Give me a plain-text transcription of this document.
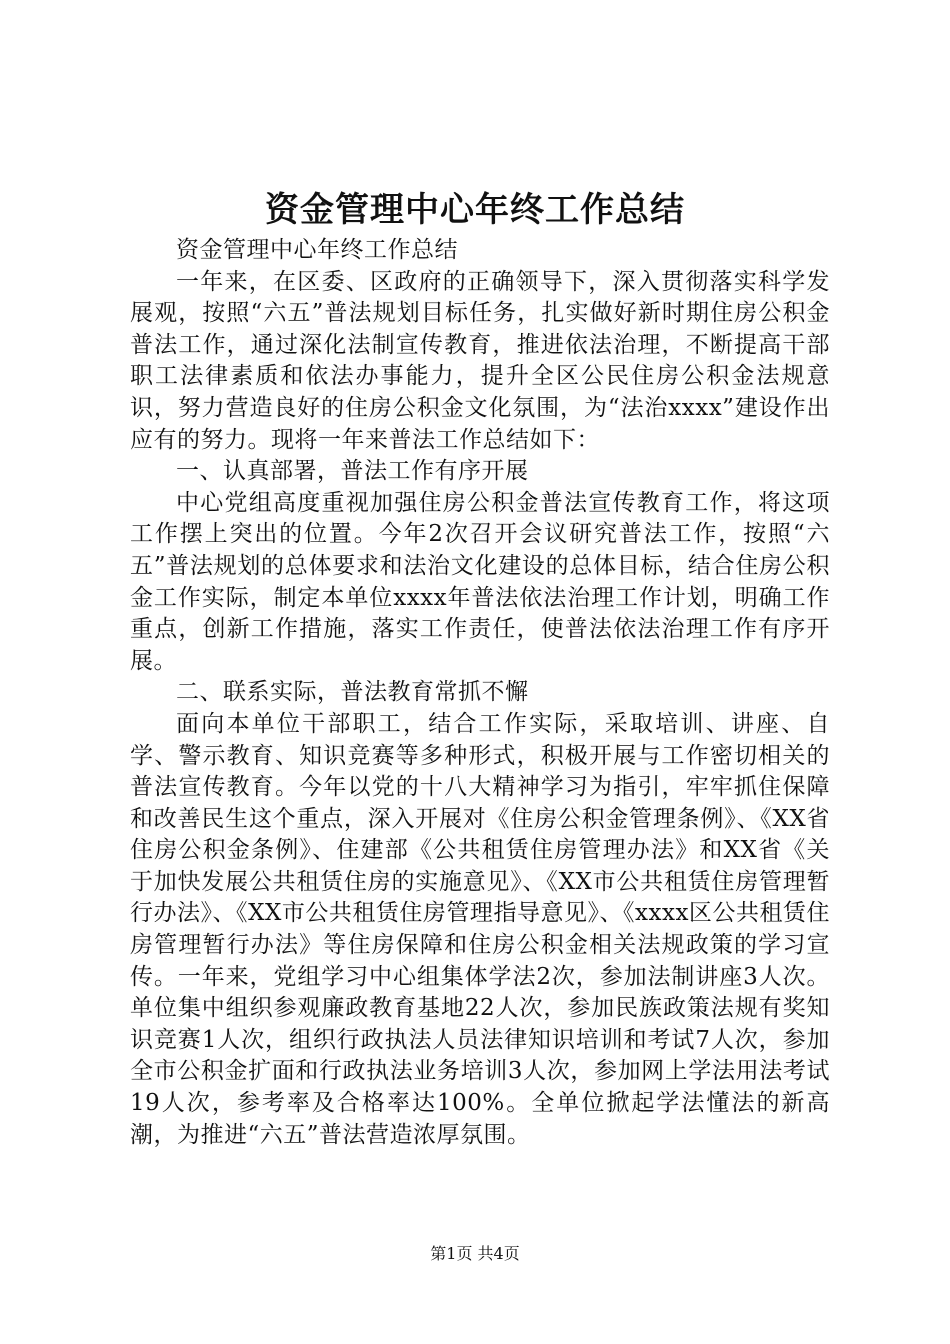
资金管理中心年终工作总结

资金管理中心年终工作总结

一年来，在区委、区政府的正确领导下，深入贯彻落实科学发展观，按照“六五”普法规划目标任务，扎实做好新时期住房公积金普法工作，通过深化法制宣传教育，推进依法治理，不断提高干部职工法律素质和依法办事能力，提升全区公民住房公积金法规意识，努力营造良好的住房公积金文化氛围，为“法治xxxx”建设作出应有的努力。现将一年来普法工作总结如下：

一、认真部署，普法工作有序开展

中心党组高度重视加强住房公积金普法宣传教育工作，将这项工作摆上突出的位置。今年2次召开会议研究普法工作，按照“六五”普法规划的总体要求和法治文化建设的总体目标，结合住房公积金工作实际，制定本单位xxxx年普法依法治理工作计划，明确工作重点，创新工作措施，落实工作责任，使普法依法治理工作有序开展。

二、联系实际，普法教育常抓不懈

面向本单位干部职工，结合工作实际，采取培训、讲座、自学、警示教育、知识竞赛等多种形式，积极开展与工作密切相关的普法宣传教育。今年以党的十八大精神学习为指引，牢牢抓住保障和改善民生这个重点，深入开展对《住房公积金管理条例》、《XX省住房公积金条例》、住建部《公共租赁住房管理办法》和XX省《关于加快发展公共租赁住房的实施意见》、《XX市公共租赁住房管理暂行办法》、《XX市公共租赁住房管理指导意见》、《xxxx区公共租赁住房管理暂行办法》等住房保障和住房公积金相关法规政策的学习宣传。一年来，党组学习中心组集体学法2次，参加法制讲座3人次。单位集中组织参观廉政教育基地22人次，参加民族政策法规有奖知识竞赛1人次，组织行政执法人员法律知识培训和考试7人次，参加全市公积金扩面和行政执法业务培训3人次，参加网上学法用法考试19人次，参考率及合格率达100%。全单位掀起学法懂法的新高潮，为推进“六五”普法营造浓厚氛围。

第1页 共4页
